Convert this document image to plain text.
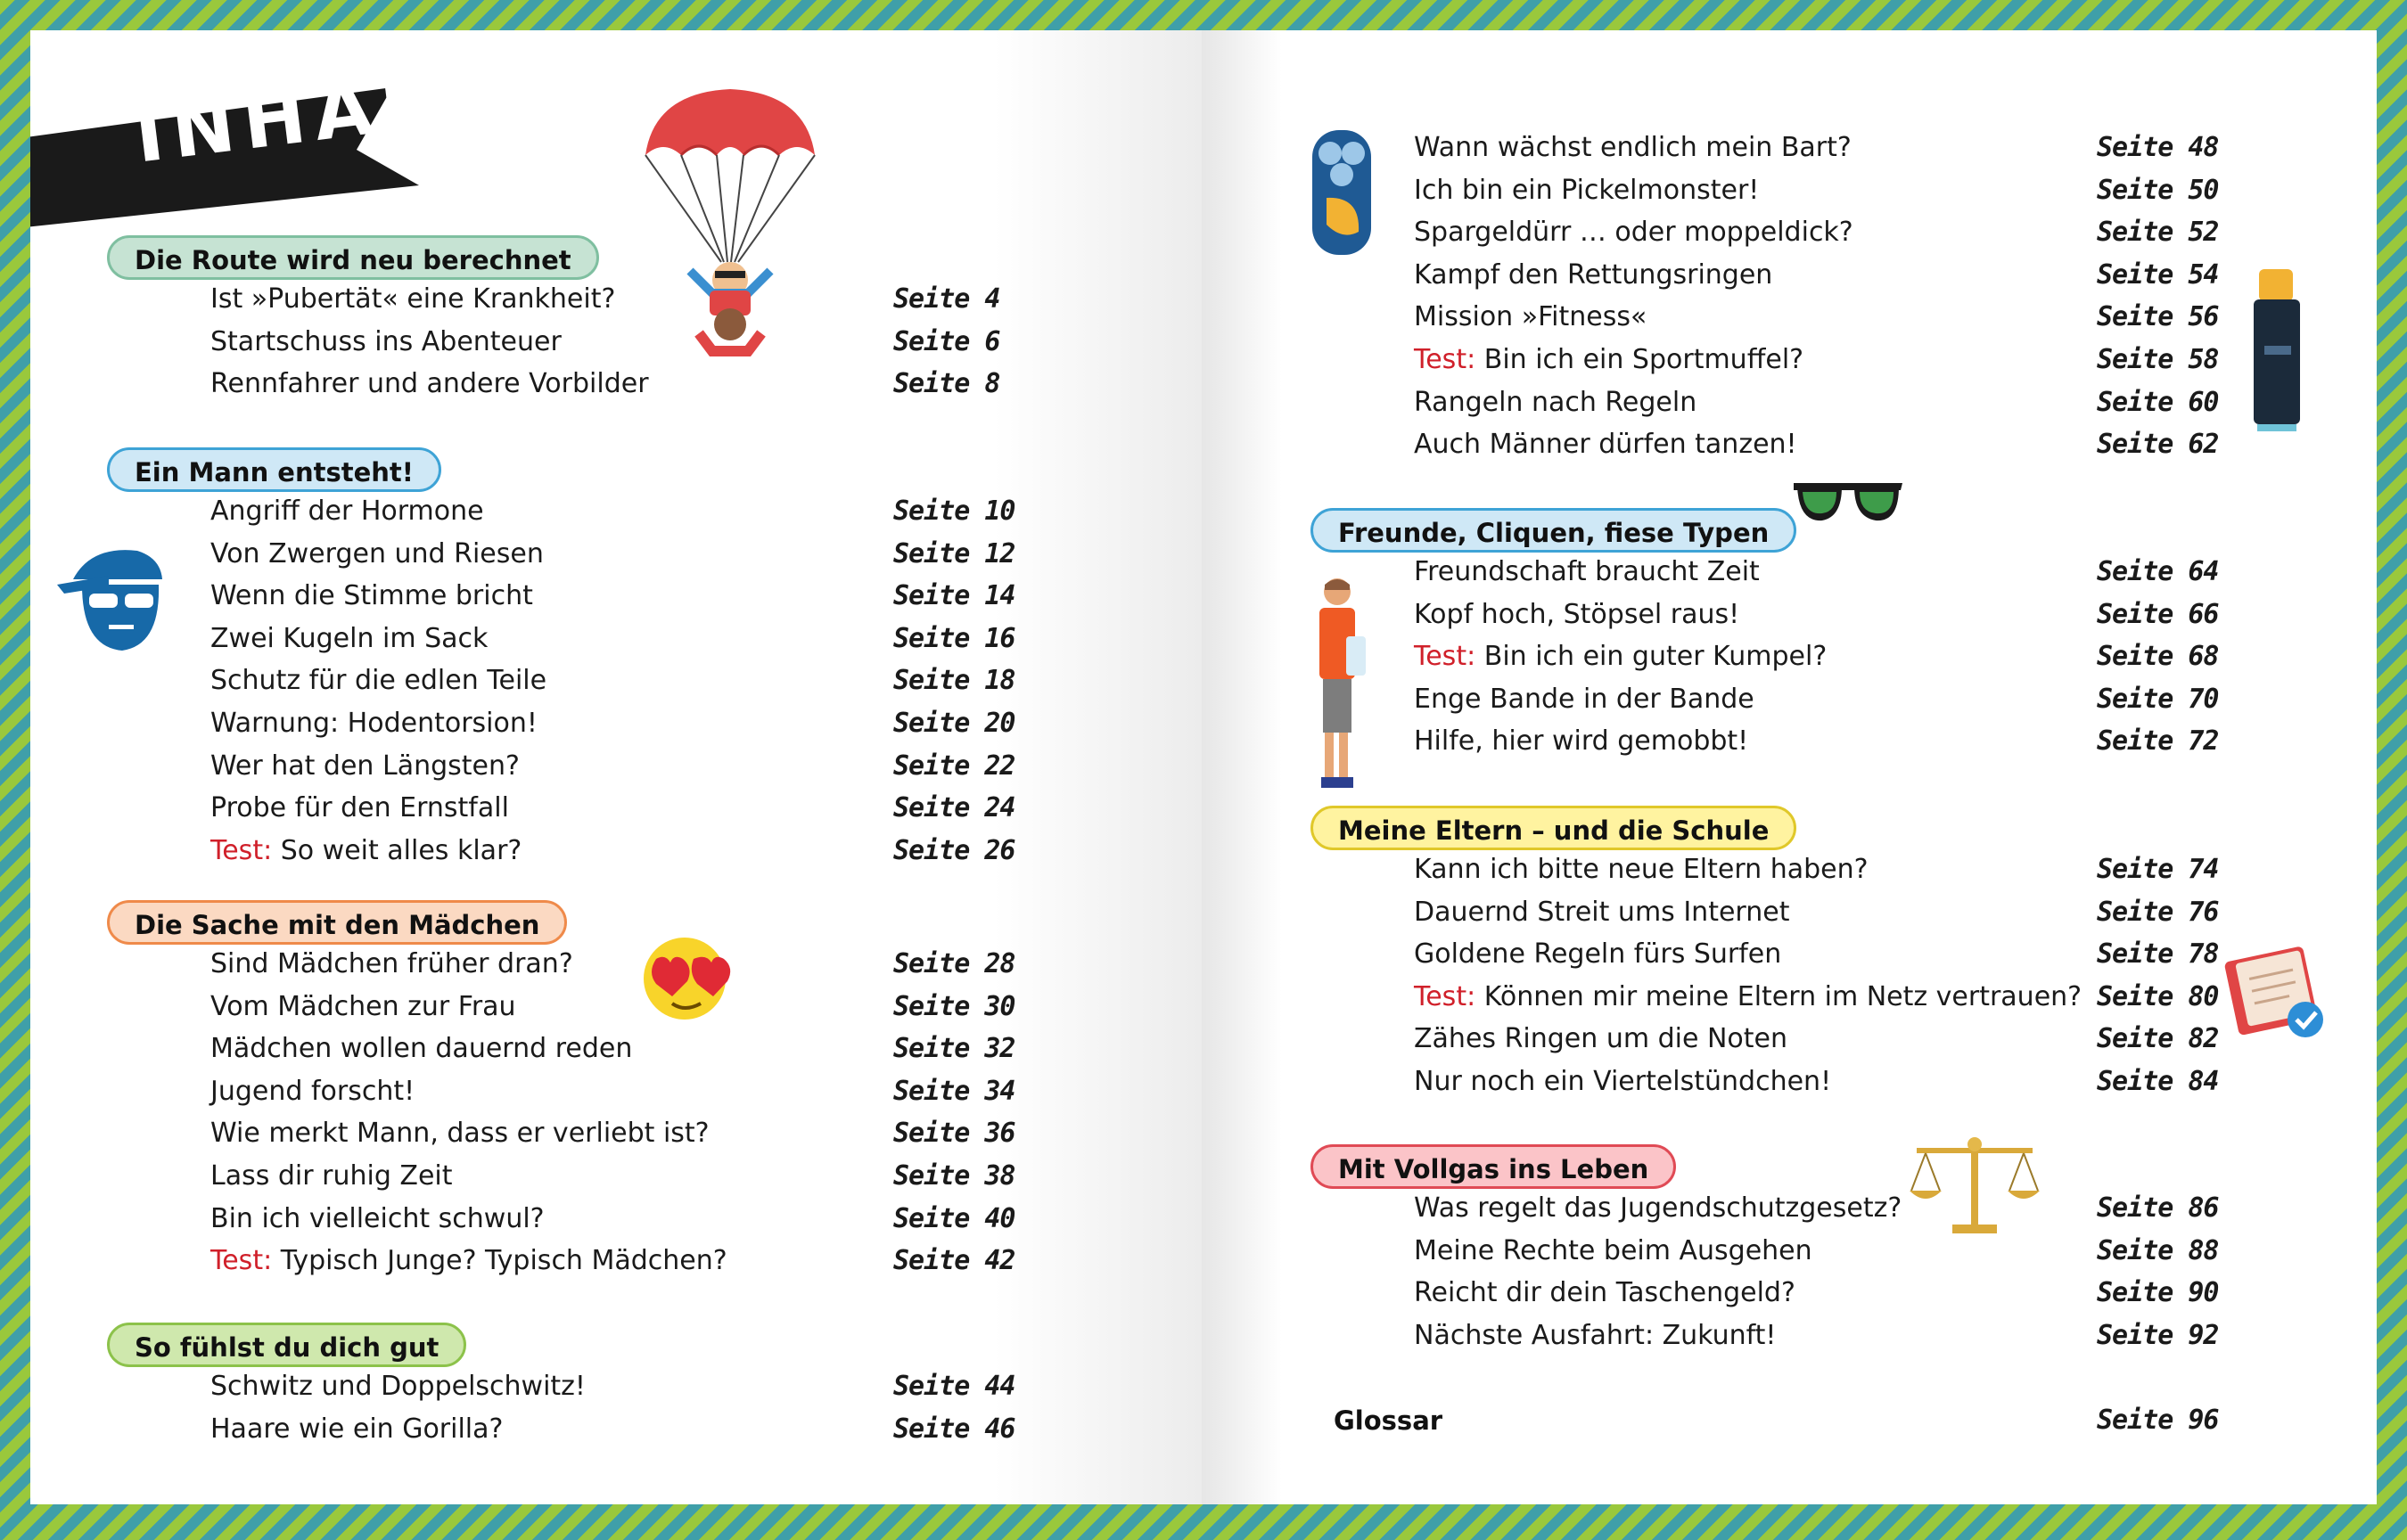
INHALT
Die Route wird neu berechnet
Ist »Pubertät« eine Krankheit?	Seite 4
Startschuss ins Abenteuer	Seite 6
Rennfahrer und andere Vorbilder	Seite 8
Ein Mann entsteht!
Angriff der Hormone	Seite 10
Von Zwergen und Riesen	Seite 12
Wenn die Stimme bricht	Seite 14
Zwei Kugeln im Sack	Seite 16
Schutz für die edlen Teile	Seite 18
Warnung: Hodentorsion!	Seite 20
Wer hat den Längsten?	Seite 22
Probe für den Ernstfall	Seite 24
Test: So weit alles klar?	Seite 26
Die Sache mit den Mädchen
Sind Mädchen früher dran?	Seite 28
Vom Mädchen zur Frau	Seite 30
Mädchen wollen dauernd reden	Seite 32
Jugend forscht!	Seite 34
Wie merkt Mann, dass er verliebt ist?	Seite 36
Lass dir ruhig Zeit	Seite 38
Bin ich vielleicht schwul?	Seite 40
Test: Typisch Junge? Typisch Mädchen?	Seite 42
So fühlst du dich gut
Schwitz und Doppelschwitz!	Seite 44
Haare wie ein Gorilla?	Seite 46
Wann wächst endlich mein Bart?	Seite 48
Ich bin ein Pickelmonster!	Seite 50
Spargeldürr … oder moppeldick?	Seite 52
Kampf den Rettungsringen	Seite 54
Mission »Fitness«	Seite 56
Test: Bin ich ein Sportmuffel?	Seite 58
Rangeln nach Regeln	Seite 60
Auch Männer dürfen tanzen!	Seite 62
Freunde, Cliquen, fiese Typen
Freundschaft braucht Zeit	Seite 64
Kopf hoch, Stöpsel raus!	Seite 66
Test: Bin ich ein guter Kumpel?	Seite 68
Enge Bande in der Bande	Seite 70
Hilfe, hier wird gemobbt!	Seite 72
Meine Eltern – und die Schule
Kann ich bitte neue Eltern haben?	Seite 74
Dauernd Streit ums Internet	Seite 76
Goldene Regeln fürs Surfen	Seite 78
Test: Können mir meine Eltern im Netz vertrauen? Seite 80
Zähes Ringen um die Noten	Seite 82
Nur noch ein Viertelstündchen!	Seite 84
Mit Vollgas ins Leben
Was regelt das Jugendschutzgesetz?	Seite 86
Meine Rechte beim Ausgehen	Seite 88
Reicht dir dein Taschengeld?	Seite 90
Nächste Ausfahrt: Zukunft!	Seite 92
Glossar	Seite 96
